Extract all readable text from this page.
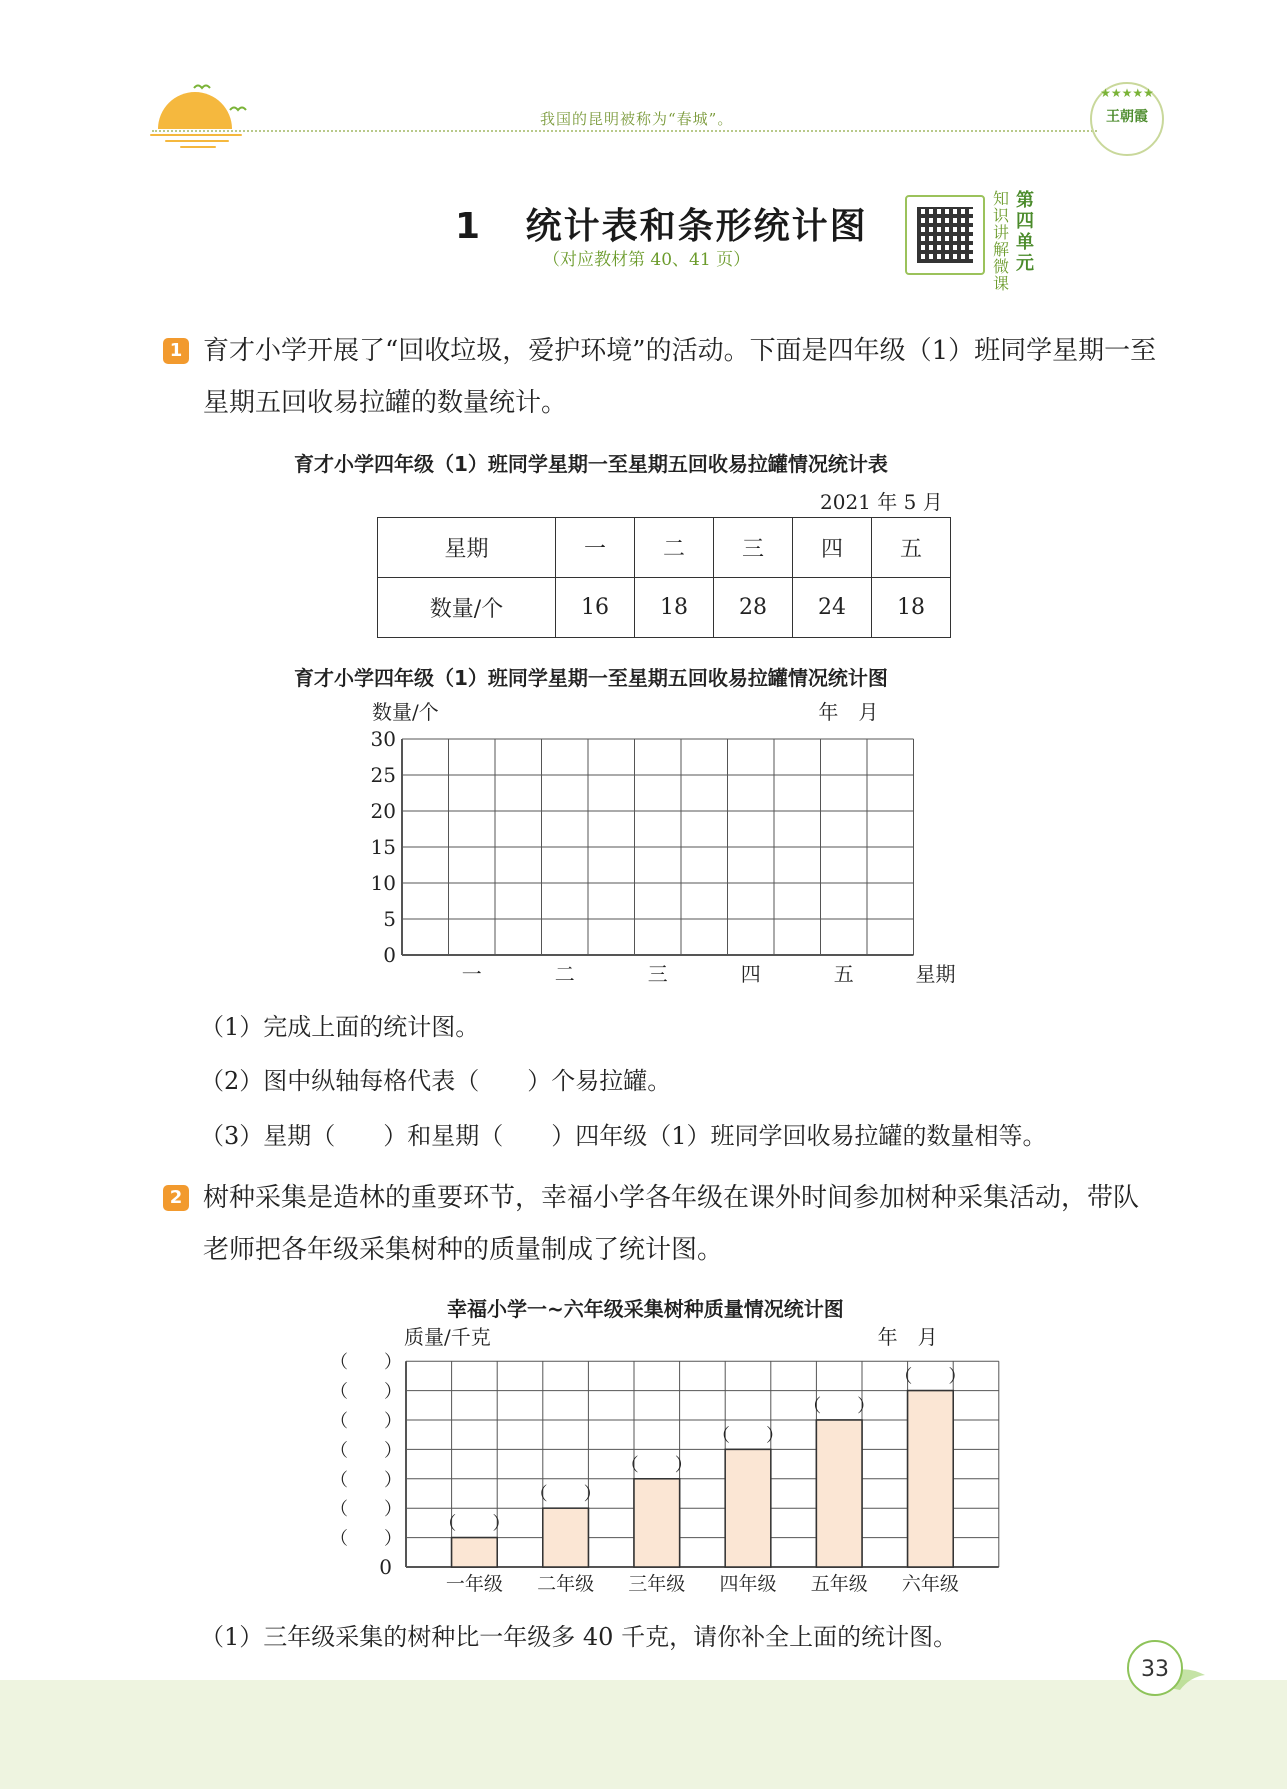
我国的昆明被称为“春城”。
★★★★★
王朝霞
1 统计表和条形统计图
（对应教材第 40、41 页）
知识讲解微课
第四单元
1 育才小学开展了“回收垃圾，爱护环境”的活动。下面是四年级（1）班同学星期一至星期五回收易拉罐的数量统计。
育才小学四年级（1）班同学星期一至星期五回收易拉罐情况统计表
2021 年 5 月
星期	一	二	三	四	五
数量/个	16	18	28	24	18
育才小学四年级（1）班同学星期一至星期五回收易拉罐情况统计图
0
5
10
15
20
25
30
数量/个	年　月
一	二	三	四	五	星期
（1）完成上面的统计图。
（2）图中纵轴每格代表（　　）个易拉罐。
（3）星期（　　）和星期（　　）四年级（1）班同学回收易拉罐的数量相等。
2 树种采集是造林的重要环节，幸福小学各年级在课外时间参加树种采集活动，带队老师把各年级采集树种的质量制成了统计图。
幸福小学一~六年级采集树种质量情况统计图
（　　）
（　　）
（　　）
（　　）
（　　）
（　　）
（　　）
（　　）
（　　）
（　　）
（　　）
（　　）
（　　）
0
质量/千克	年　月
一年级 二年级 三年级 四年级 五年级 六年级
（1）三年级采集的树种比一年级多 40 千克，请你补全上面的统计图。
33
